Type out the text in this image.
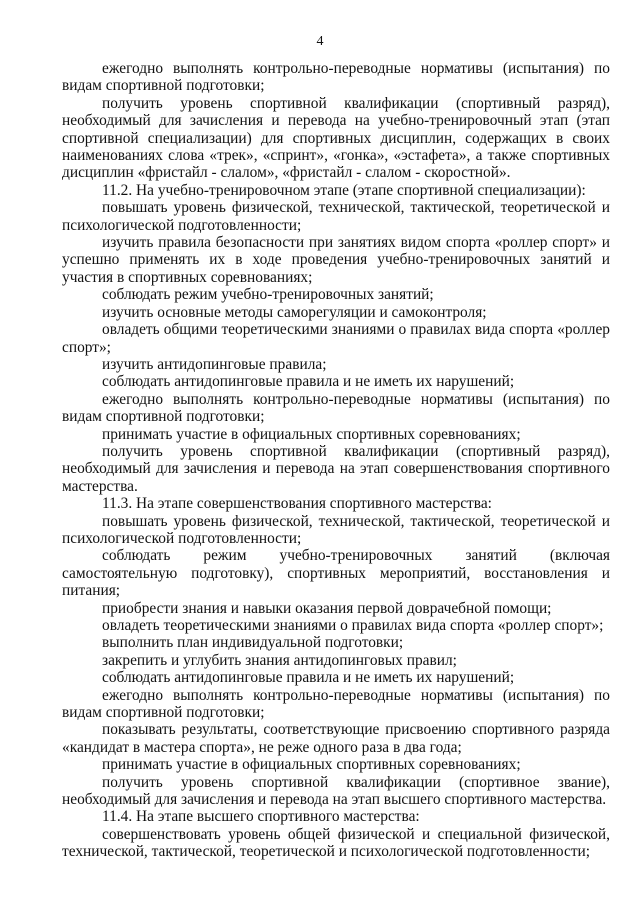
4

ежегодно выполнять контрольно-переводные нормативы (испытания) по видам спортивной подготовки;

получить уровень спортивной квалификации (спортивный разряд), необходимый для зачисления и перевода на учебно-тренировочный этап (этап спортивной специализации) для спортивных дисциплин, содержащих в своих наименованиях слова «трек», «спринт», «гонка», «эстафета», а также спортивных дисциплин «фристайл - слалом», «фристайл - слалом - скоростной».

11.2. На учебно-тренировочном этапе (этапе спортивной специализации):

повышать уровень физической, технической, тактической, теоретической и психологической подготовленности;

изучить правила безопасности при занятиях видом спорта «роллер спорт» и успешно применять их в ходе проведения учебно-тренировочных занятий и участия в спортивных соревнованиях;

соблюдать режим учебно-тренировочных занятий;

изучить основные методы саморегуляции и самоконтроля;

овладеть общими теоретическими знаниями о правилах вида спорта «роллер спорт»;

изучить антидопинговые правила;

соблюдать антидопинговые правила и не иметь их нарушений;

ежегодно выполнять контрольно-переводные нормативы (испытания) по видам спортивной подготовки;

принимать участие в официальных спортивных соревнованиях;

получить уровень спортивной квалификации (спортивный разряд), необходимый для зачисления и перевода на этап совершенствования спортивного мастерства.

11.3. На этапе совершенствования спортивного мастерства:

повышать уровень физической, технической, тактической, теоретической и психологической подготовленности;

соблюдать режим учебно-тренировочных занятий (включая самостоятельную подготовку), спортивных мероприятий, восстановления и питания;

приобрести знания и навыки оказания первой доврачебной помощи;

овладеть теоретическими знаниями о правилах вида спорта «роллер спорт»;

выполнить план индивидуальной подготовки;

закрепить и углубить знания антидопинговых правил;

соблюдать антидопинговые правила и не иметь их нарушений;

ежегодно выполнять контрольно-переводные нормативы (испытания) по видам спортивной подготовки;

показывать результаты, соответствующие присвоению спортивного разряда «кандидат в мастера спорта», не реже одного раза в два года;

принимать участие в официальных спортивных соревнованиях;

получить уровень спортивной квалификации (спортивное звание), необходимый для зачисления и перевода на этап высшего спортивного мастерства.

11.4. На этапе высшего спортивного мастерства:

совершенствовать уровень общей физической и специальной физической, технической, тактической, теоретической и психологической подготовленности;
